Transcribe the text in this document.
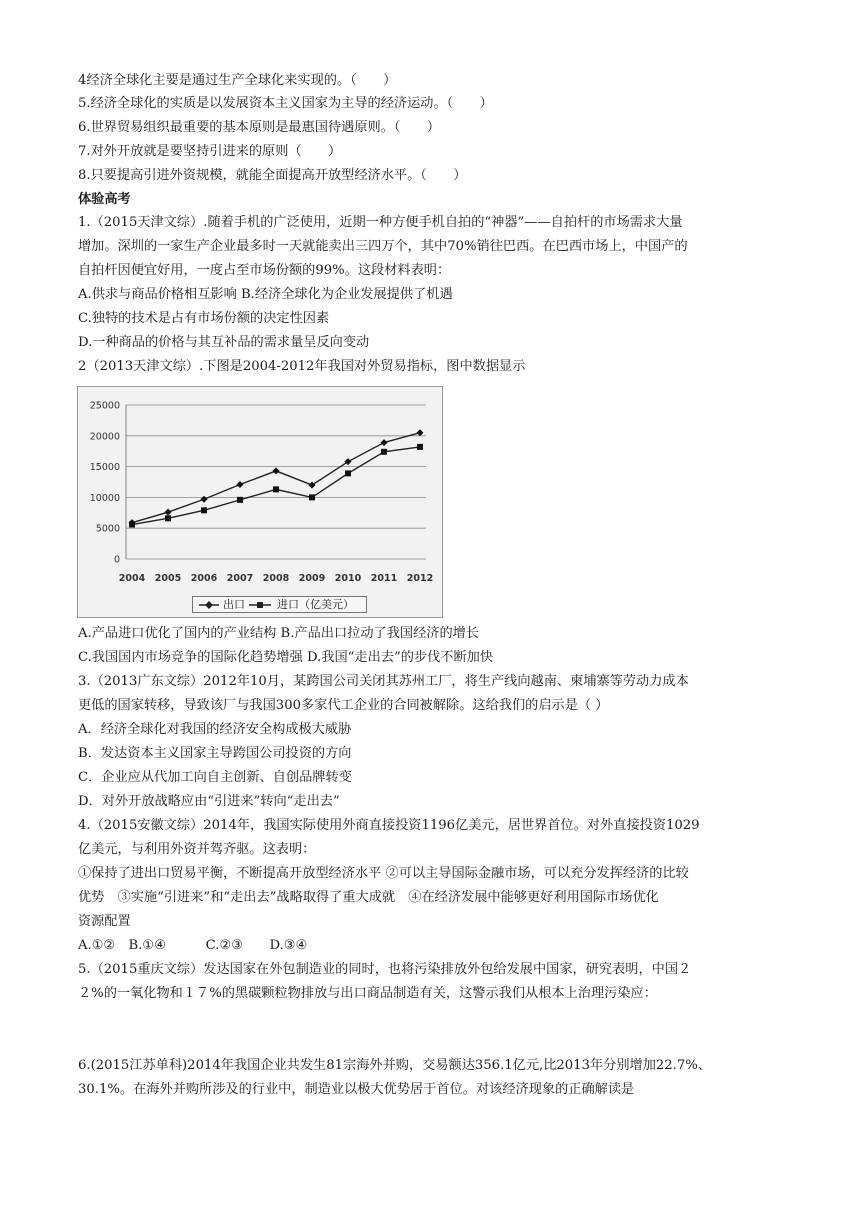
4经济全球化主要是通过生产全球化来实现的。（　　）
5.经济全球化的实质是以发展资本主义国家为主导的经济运动。（　　）
6.世界贸易组织最重要的基本原则是最惠国待遇原则。（　　）
7.对外开放就是要坚持引进来的原则（　　）
8.只要提高引进外资规模，就能全面提高开放型经济水平。（　　）
体验高考
1.（2015天津文综）.随着手机的广泛使用，近期一种方便手机自拍的“神器”——自拍杆的市场需求大量
增加。深圳的一家生产企业最多时一天就能卖出三四万个，其中70%销往巴西。在巴西市场上，中国产的
自拍杆因便宜好用，一度占至市场份额的99%。这段材料表明：
A.供求与商品价格相互影响 B.经济全球化为企业发展提供了机遇
C.独特的技术是占有市场份额的决定性因素
D.一种商品的价格与其互补品的需求量呈反向变动
2（2013天津文综）.下图是2004-2012年我国对外贸易指标，图中数据显示
0
5000
10000
15000
20000
25000
2004 2005 2006 2007 2008 2009 2010 2011 2012
出口	进口（亿美元）
A.产品进口优化了国内的产业结构 B.产品出口拉动了我国经济的增长
C.我国国内市场竞争的国际化趋势增强 D.我国“走出去”的步伐不断加快
3.（2013广东文综）2012年10月，某跨国公司关闭其苏州工厂，将生产线向越南、柬埔寨等劳动力成本
更低的国家转移，导致该厂与我国300多家代工企业的合同被解除。这给我们的启示是（ ）
A．经济全球化对我国的经济安全构成极大威胁
B．发达资本主义国家主导跨国公司投资的方向
C．企业应从代加工向自主创新、自创品牌转变
D．对外开放战略应由“引进来”转向“走出去”
4.（2015安徽文综）2014年，我国实际使用外商直接投资1196亿美元，居世界首位。对外直接投资1029
亿美元，与利用外资并驾齐驱。这表明：
①保持了进出口贸易平衡，不断提高开放型经济水平 ②可以主导国际金融市场，可以充分发挥经济的比较
优势　③实施“引进来”和“走出去”战略取得了重大成就　④在经济发展中能够更好利用国际市场优化
资源配置
A.①②　B.①④　　　C.②③　　D.③④
5.（2015重庆文综）发达国家在外包制造业的同时，也将污染排放外包给发展中国家，研究表明，中国２
２%的一氧化物和１７%的黑碳颗粒物排放与出口商品制造有关，这警示我们从根本上治理污染应：
6.(2015江苏单科)2014年我国企业共发生81宗海外并购，交易额达356.1亿元,比2013年分别增加22.7%、
30.1%。在海外并购所涉及的行业中，制造业以极大优势居于首位。对该经济现象的正确解读是
